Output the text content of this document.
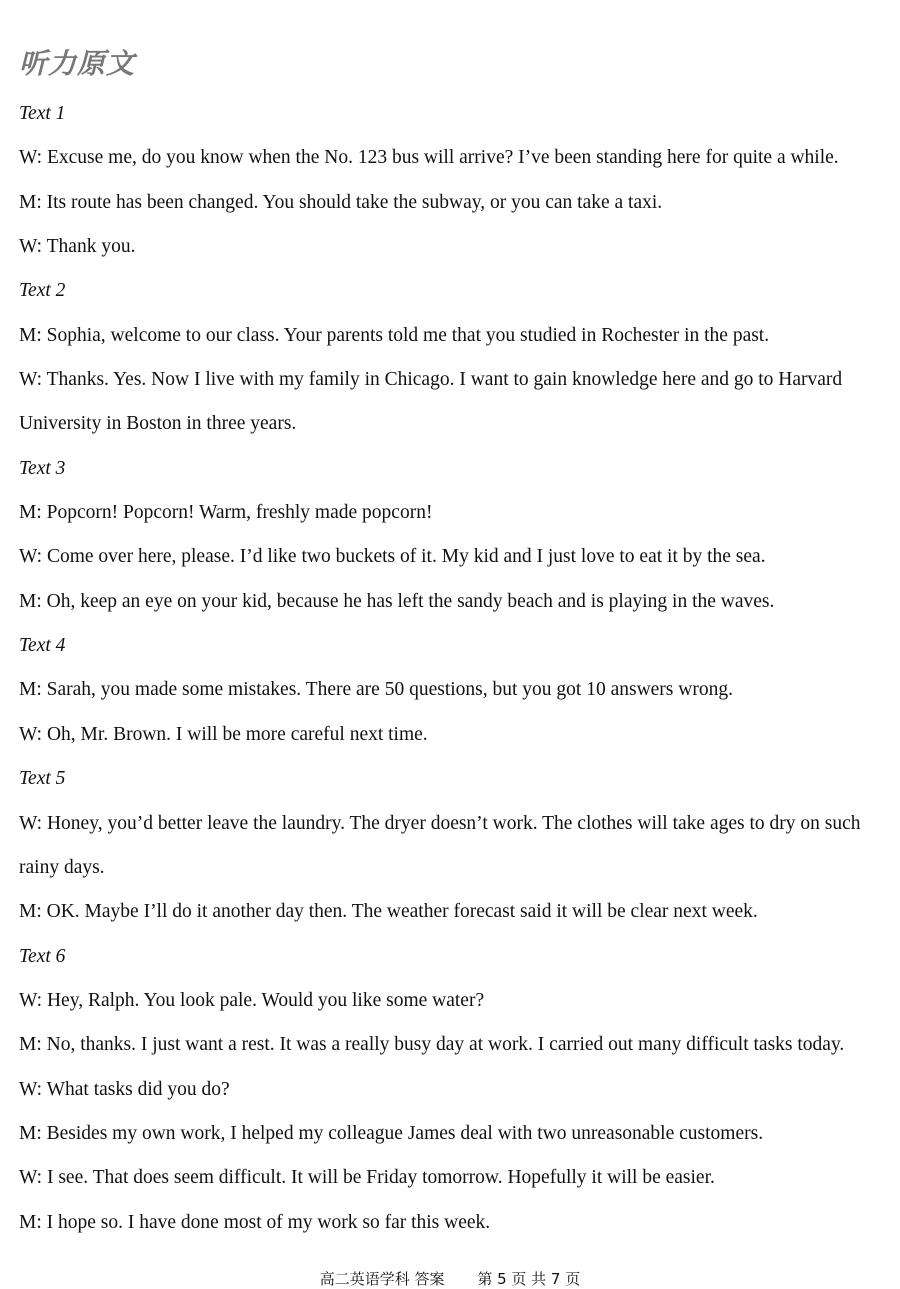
听力原文
Text 1
W: Excuse me, do you know when the No. 123 bus will arrive? I’ve been standing here for quite a while.
M: Its route has been changed. You should take the subway, or you can take a taxi.
W: Thank you.
Text 2
M: Sophia, welcome to our class. Your parents told me that you studied in Rochester in the past.
W: Thanks. Yes. Now I live with my family in Chicago. I want to gain knowledge here and go to Harvard
University in Boston in three years.
Text 3
M: Popcorn! Popcorn! Warm, freshly made popcorn!
W: Come over here, please. I’d like two buckets of it. My kid and I just love to eat it by the sea.
M: Oh, keep an eye on your kid, because he has left the sandy beach and is playing in the waves.
Text 4
M: Sarah, you made some mistakes. There are 50 questions, but you got 10 answers wrong.
W: Oh, Mr. Brown. I will be more careful next time.
Text 5
W: Honey, you’d better leave the laundry. The dryer doesn’t work. The clothes will take ages to dry on such
rainy days.
M: OK. Maybe I’ll do it another day then. The weather forecast said it will be clear next week.
Text 6
W: Hey, Ralph. You look pale. Would you like some water?
M: No, thanks. I just want a rest. It was a really busy day at work. I carried out many difficult tasks today.
W: What tasks did you do?
M: Besides my own work, I helped my colleague James deal with two unreasonable customers.
W: I see. That does seem difficult. It will be Friday tomorrow. Hopefully it will be easier.
M: I hope so. I have done most of my work so far this week.
高二英语学科 答案 第 5 页 共 7 页
